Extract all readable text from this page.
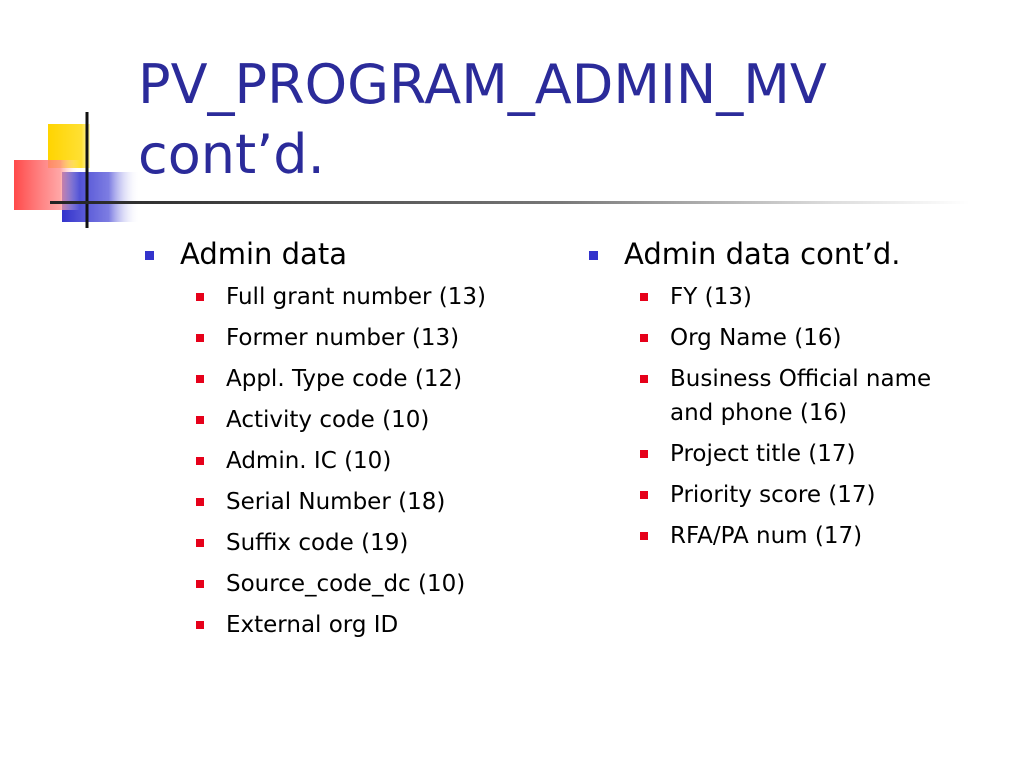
PV_PROGRAM_ADMIN_MV
cont’d.
Admin data
Full grant number (13)
Former number (13)
Appl. Type code (12)
Activity code (10)
Admin. IC (10)
Serial Number (18)
Suffix code (19)
Source_code_dc (10)
External org ID
Admin data cont’d.
FY (13)
Org Name (16)
Business Official name and phone (16)
Project title (17)
Priority score (17)
RFA/PA num (17)
